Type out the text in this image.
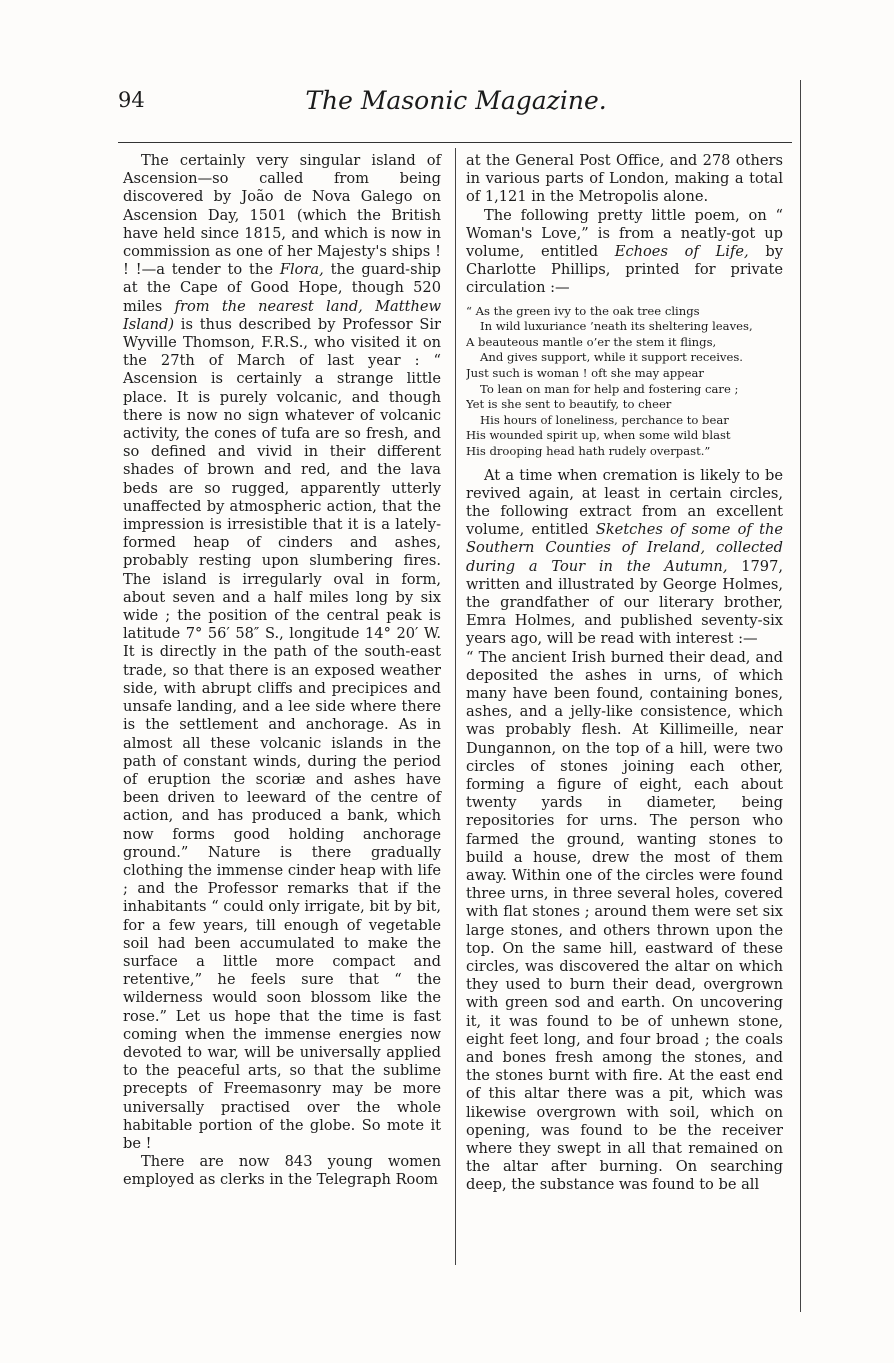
94	The Masonic Magazine.

The certainly very singular island of Ascension—so called from being discovered by João de Nova Galego on Ascension Day, 1501 (which the British have held since 1815, and which is now in commission as one of her Majesty's ships ! ! !—a tender to the Flora, the guard-ship at the Cape of Good Hope, though 520 miles from the nearest land, Matthew Island) is thus described by Professor Sir Wyville Thomson, F.R.S., who visited it on the 27th of March of last year : “ Ascension is certainly a strange little place. It is purely volcanic, and though there is now no sign whatever of volcanic activity, the cones of tufa are so fresh, and so defined and vivid in their different shades of brown and red, and the lava beds are so rugged, apparently utterly unaffected by atmospheric action, that the impression is irresistible that it is a lately-formed heap of cinders and ashes, probably resting upon slumbering fires. The island is irregularly oval in form, about seven and a half miles long by six wide ; the position of the central peak is latitude 7° 56′ 58″ S., longitude 14° 20′ W. It is directly in the path of the south-east trade, so that there is an exposed weather side, with abrupt cliffs and precipices and unsafe landing, and a lee side where there is the settlement and anchorage. As in almost all these volcanic islands in the path of constant winds, during the period of eruption the scoriæ and ashes have been driven to leeward of the centre of action, and has produced a bank, which now forms good holding anchorage ground.” Nature is there gradually clothing the immense cinder heap with life ; and the Professor remarks that if the inhabitants “ could only irrigate, bit by bit, for a few years, till enough of vegetable soil had been accumulated to make the surface a little more compact and retentive,” he feels sure that “ the wilderness would soon blossom like the rose.” Let us hope that the time is fast coming when the immense energies now devoted to war, will be universally applied to the peaceful arts, so that the sublime precepts of Freemasonry may be more universally practised over the whole habitable portion of the globe. So mote it be !

There are now 843 young women employed as clerks in the Telegraph Room

at the General Post Office, and 278 others in various parts of London, making a total of 1,121 in the Metropolis alone.

The following pretty little poem, on “ Woman's Love,” is from a neatly-got up volume, entitled Echoes of Life, by Charlotte Phillips, printed for private circulation :—

“ As the green ivy to the oak tree clings
In wild luxuriance ’neath its sheltering leaves,
A beauteous mantle o’er the stem it flings,
And gives support, while it support receives.
Just such is woman ! oft she may appear
To lean on man for help and fostering care ;
Yet is she sent to beautify, to cheer
His hours of loneliness, perchance to bear
His wounded spirit up, when some wild blast
His drooping head hath rudely overpast.”

At a time when cremation is likely to be revived again, at least in certain circles, the following extract from an excellent volume, entitled Sketches of some of the Southern Counties of Ireland, collected during a Tour in the Autumn, 1797, written and illustrated by George Holmes, the grandfather of our literary brother, Emra Holmes, and published seventy-six years ago, will be read with interest :—

“ The ancient Irish burned their dead, and deposited the ashes in urns, of which many have been found, containing bones, ashes, and a jelly-like consistence, which was probably flesh. At Killimeille, near Dungannon, on the top of a hill, were two circles of stones joining each other, forming a figure of eight, each about twenty yards in diameter, being repositories for urns. The person who farmed the ground, wanting stones to build a house, drew the most of them away. Within one of the circles were found three urns, in three several holes, covered with flat stones ; around them were set six large stones, and others thrown upon the top. On the same hill, eastward of these circles, was discovered the altar on which they used to burn their dead, overgrown with green sod and earth. On uncovering it, it was found to be of unhewn stone, eight feet long, and four broad ; the coals and bones fresh among the stones, and the stones burnt with fire. At the east end of this altar there was a pit, which was likewise overgrown with soil, which on opening, was found to be the receiver where they swept in all that remained on the altar after burning. On searching deep, the substance was found to be all
